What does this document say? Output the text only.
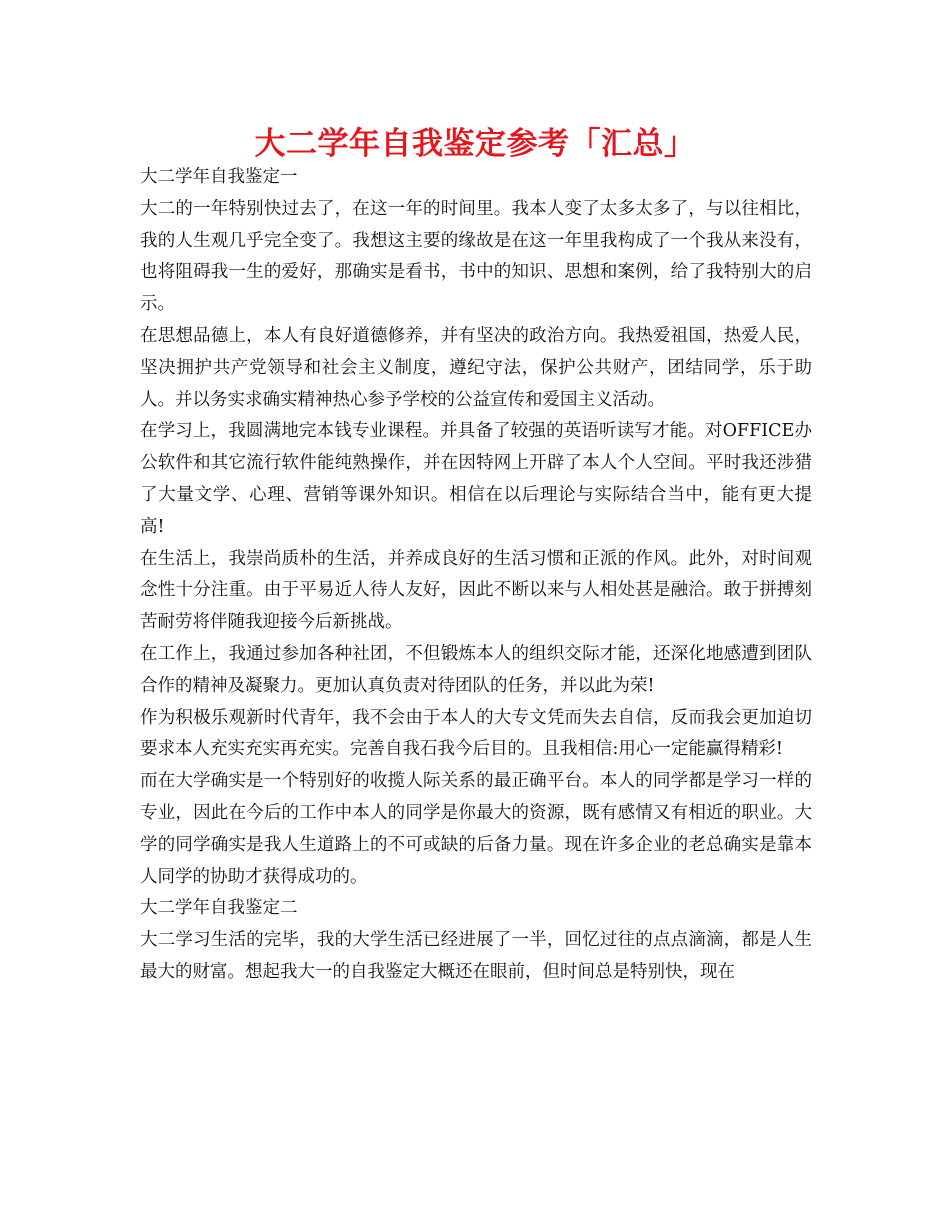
大二学年自我鉴定参考「汇总」

大二学年自我鉴定一

大二的一年特别快过去了，在这一年的时间里。我本人变了太多太多了，与以往相比，我的人生观几乎完全变了。我想这主要的缘故是在这一年里我构成了一个我从来没有，也将阻碍我一生的爱好，那确实是看书，书中的知识、思想和案例，给了我特别大的启示。

在思想品德上，本人有良好道德修养，并有坚决的政治方向。我热爱祖国，热爱人民，坚决拥护共产党领导和社会主义制度，遵纪守法，保护公共财产，团结同学，乐于助人。并以务实求确实精神热心参予学校的公益宣传和爱国主义活动。

在学习上，我圆满地完本钱专业课程。并具备了较强的英语听读写才能。对OFFICE办公软件和其它流行软件能纯熟操作，并在因特网上开辟了本人个人空间。平时我还涉猎了大量文学、心理、营销等课外知识。相信在以后理论与实际结合当中，能有更大提高!

在生活上，我崇尚质朴的生活，并养成良好的生活习惯和正派的作风。此外，对时间观念性十分注重。由于平易近人待人友好，因此不断以来与人相处甚是融洽。敢于拼搏刻苦耐劳将伴随我迎接今后新挑战。

在工作上，我通过参加各种社团，不但锻炼本人的组织交际才能，还深化地感遭到团队合作的精神及凝聚力。更加认真负责对待团队的任务，并以此为荣!

作为积极乐观新时代青年，我不会由于本人的大专文凭而失去自信，反而我会更加迫切要求本人充实充实再充实。完善自我石我今后目的。且我相信:用心一定能赢得精彩!

而在大学确实是一个特别好的收揽人际关系的最正确平台。本人的同学都是学习一样的专业，因此在今后的工作中本人的同学是你最大的资源，既有感情又有相近的职业。大学的同学确实是我人生道路上的不可或缺的后备力量。现在许多企业的老总确实是靠本人同学的协助才获得成功的。

大二学年自我鉴定二

大二学习生活的完毕，我的大学生活已经进展了一半，回忆过往的点点滴滴，都是人生最大的财富。想起我大一的自我鉴定大概还在眼前，但时间总是特别快，现在
